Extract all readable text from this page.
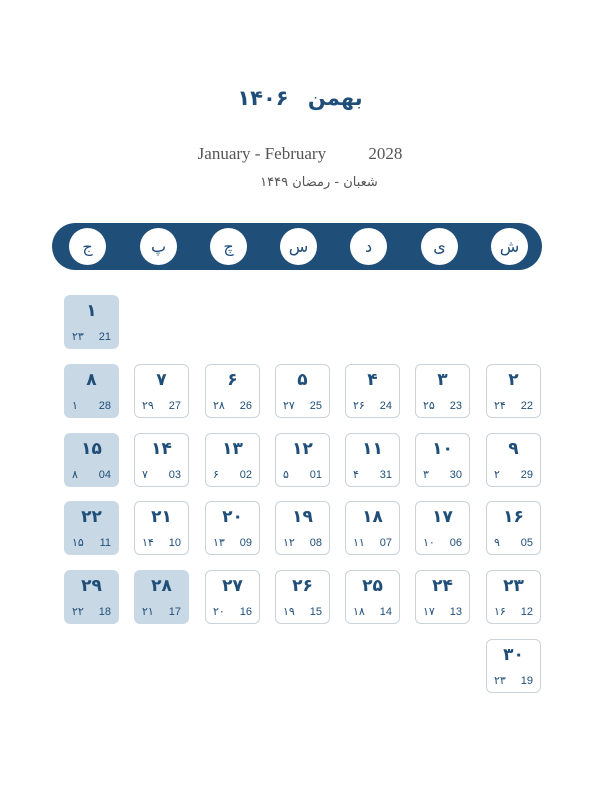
بهمن ۱۴۰۶
January - February 2028
شعبان - رمضان ۱۴۴۹
ش
ی
د
س
چ
پ
ج
۱
۲۳ 21
۲
۲۴ 22
۳
۲۵ 23
۴
۲۶ 24
۵
۲۷ 25
۶
۲۸ 26
۷
۲۹ 27
۸
۱ 28
۹
۲ 29
۱۰
۳ 30
۱۱
۴ 31
۱۲
۵ 01
۱۳
۶ 02
۱۴
۷ 03
۱۵
۸ 04
۱۶
۹ 05
۱۷
۱۰ 06
۱۸
۱۱ 07
۱۹
۱۲ 08
۲۰
۱۳ 09
۲۱
۱۴ 10
۲۲
۱۵ 11
۲۳
۱۶ 12
۲۴
۱۷ 13
۲۵
۱۸ 14
۲۶
۱۹ 15
۲۷
۲۰ 16
۲۸
۲۱ 17
۲۹
۲۲ 18
۳۰
۲۳ 19
